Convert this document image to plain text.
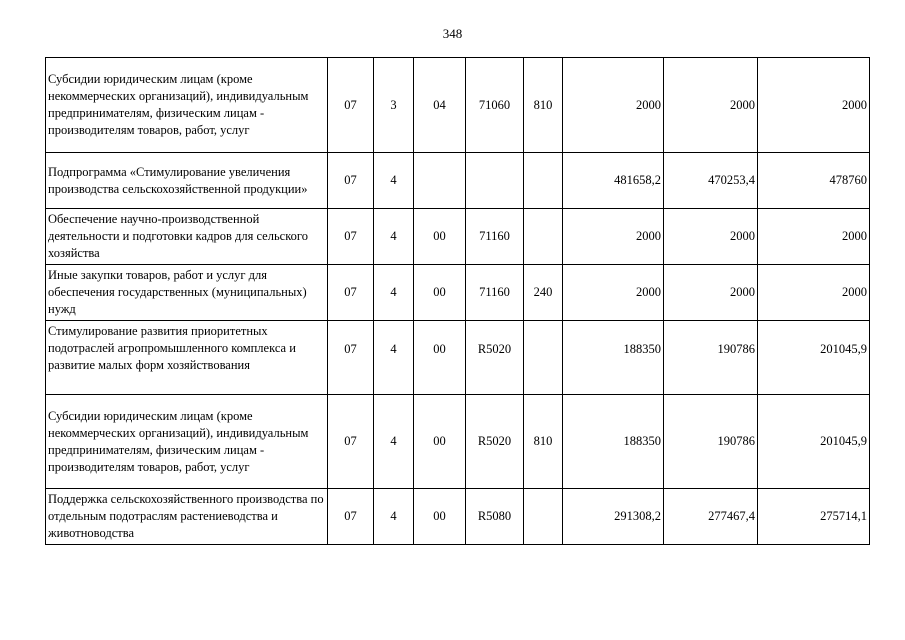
348
Субсидии юридическим лицам (кроме некоммерческих организаций), индивидуальным предпринимателям, физическим лицам - производителям товаров, работ, услуг	07	3	04	71060	810	2000	2000	2000
Подпрограмма «Стимулирование увеличения производства сельскохозяйственной продукции»	07	4				481658,2	470253,4	478760
Обеспечение научно-производственной деятельности и подготовки кадров для сельского хозяйства	07	4	00	71160		2000	2000	2000
Иные закупки товаров, работ и услуг для обеспечения государственных (муниципальных) нужд	07	4	00	71160	240	2000	2000	2000
Стимулирование развития приоритетных подотраслей агропромышленного комплекса и развитие малых форм хозяйствования	07	4	00	R5020		188350	190786	201045,9
Субсидии юридическим лицам (кроме некоммерческих организаций), индивидуальным предпринимателям, физическим лицам - производителям товаров, работ, услуг	07	4	00	R5020	810	188350	190786	201045,9
Поддержка сельскохозяйственного производства по отдельным подотраслям растениеводства и животноводства	07	4	00	R5080		291308,2	277467,4	275714,1
